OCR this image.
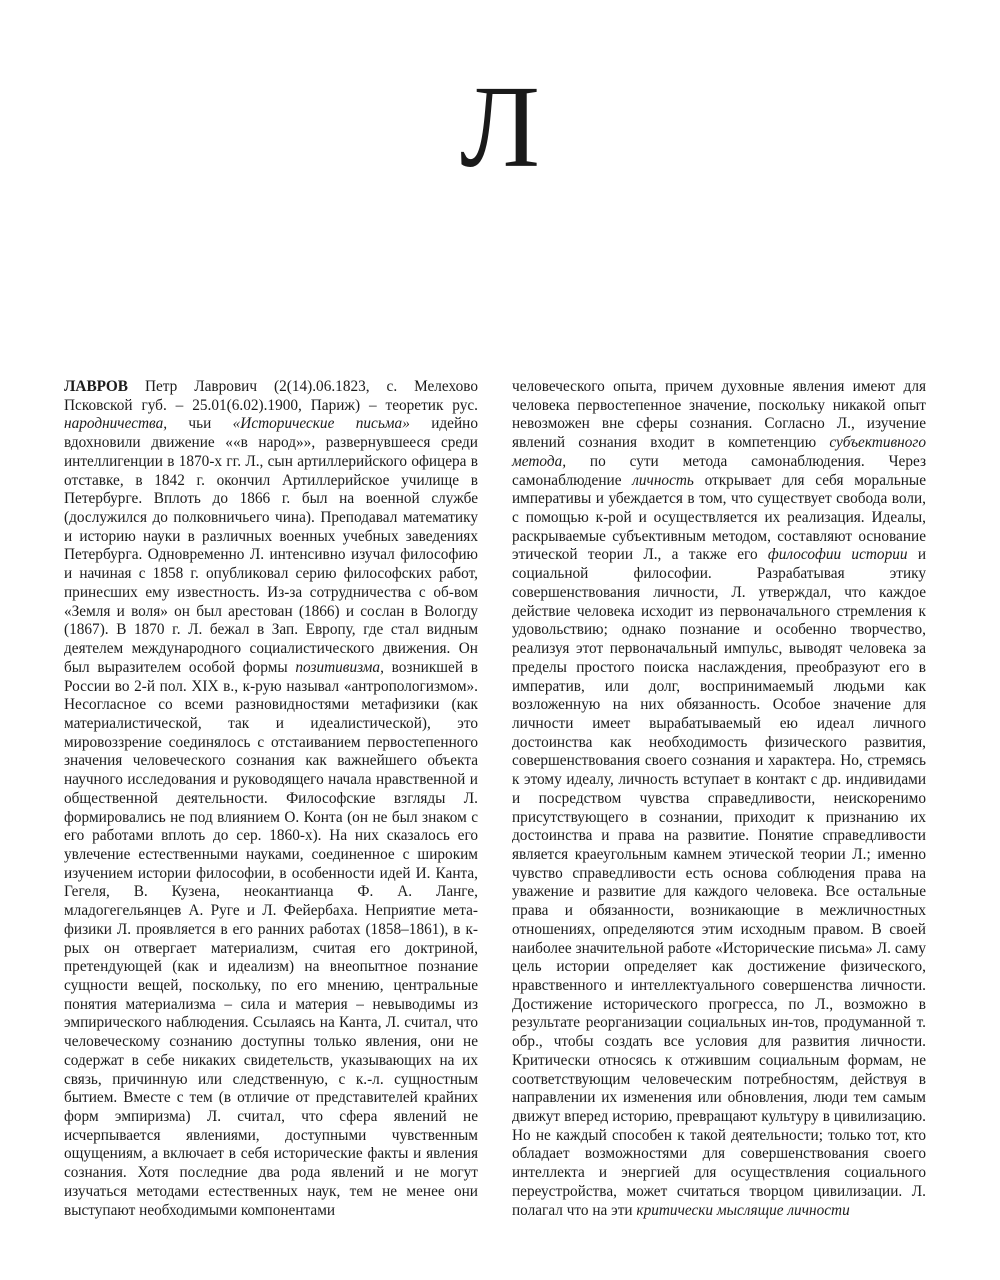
Л

ЛАВРОВ Петр Лаврович (2(14).06.1823, с. Мелехово Псковской губ. – 25.01(6.02).1900, Париж) – теоретик рус. народничества, чьи «Исторические письма» идейно вдохновили движение ««в народ»», развернувшееся среди интеллигенции в 1870-х гг. Л., сын артиллерийского офицера в отставке, в 1842 г. окончил Артиллерийское училище в Петербурге. Вплоть до 1866 г. был на военной службе (дослужился до полковничьего чина). Преподавал математику и историю науки в различных военных учебных заведениях Петербурга. Одновременно Л. интенсивно изучал философию и начиная с 1858 г. опубликовал серию философских работ, принесших ему известность. Из-за сотрудничества с об-вом «Земля и воля» он был арестован (1866) и сослан в Вологду (1867). В 1870 г. Л. бежал в Зап. Европу, где стал видным деятелем международного социалистического движения. Он был выразителем особой формы позитивизма, возникшей в России во 2-й пол. XIX в., к-рую называл «антропологизмом». Несогласное со всеми разновидностями метафизики (как материалистической, так и идеалистической), это мировоззрение соединялось с отстаиванием первостепенного значения человеческого сознания как важнейшего объекта научного исследования и руководящего начала нравственной и общественной деятельности. Философские взгляды Л. формировались не под влиянием О. Конта (он не был знаком с его работами вплоть до сер. 1860-х). На них сказалось его увлечение естественными науками, соединенное с широким изучением истории философии, в особенности идей И. Канта, Гегеля, В. Кузена, неокантианца Ф. А. Ланге, младогегельянцев А. Руге и Л. Фейербаха. Неприятие метафизики Л. проявляется в его ранних работах (1858–1861), в к-рых он отвергает материализм, считая его доктриной, претендующей (как и идеализм) на внеопытное познание сущности вещей, поскольку, по его мнению, центральные понятия материализма – сила и материя – невыводимы из эмпирического наблюдения. Ссылаясь на Канта, Л. считал, что человеческому сознанию доступны только явления, они не содержат в себе никаких свидетельств, указывающих на их связь, причинную или следственную, с к.-л. сущностным бытием. Вместе с тем (в отличие от представителей крайних форм эмпиризма) Л. считал, что сфера явлений не исчерпывается явлениями, доступными чувственным ощущениям, а включает в себя исторические факты и явления сознания. Хотя последние два рода явлений и не могут изучаться методами естественных наук, тем не менее они выступают необходимыми компонентами

человеческого опыта, причем духовные явления имеют для человека первостепенное значение, поскольку никакой опыт невозможен вне сферы сознания. Согласно Л., изучение явлений сознания входит в компетенцию субъективного метода, по сути метода самонаблюдения. Через самонаблюдение личность открывает для себя моральные императивы и убеждается в том, что существует свобода воли, с помощью к-рой и осуществляется их реализация. Идеалы, раскрываемые субъективным методом, составляют основание этической теории Л., а также его философии истории и социальной философии. Разрабатывая этику совершенствования личности, Л. утверждал, что каждое действие человека исходит из первоначального стремления к удовольствию; однако познание и особенно творчество, реализуя этот первоначальный импульс, выводят человека за пределы простого поиска наслаждения, преобразуют его в императив, или долг, воспринимаемый людьми как возложенную на них обязанность. Особое значение для личности имеет вырабатываемый ею идеал личного достоинства как необходимость физического развития, совершенствования своего сознания и характера. Но, стремясь к этому идеалу, личность вступает в контакт с др. индивидами и посредством чувства справедливости, неискоренимо присутствующего в сознании, приходит к признанию их достоинства и права на развитие. Понятие справедливости является краеугольным камнем этической теории Л.; именно чувство справедливости есть основа соблюдения права на уважение и развитие для каждого человека. Все остальные права и обязанности, возникающие в межличностных отношениях, определяются этим исходным правом. В своей наиболее значительной работе «Исторические письма» Л. саму цель истории определяет как достижение физического, нравственного и интеллектуального совершенства личности. Достижение исторического прогресса, по Л., возможно в результате реорганизации социальных ин-тов, продуманной т. обр., чтобы создать все условия для развития личности. Критически относясь к отжившим социальным формам, не соответствующим человеческим потребностям, действуя в направлении их изменения или обновления, люди тем самым движут вперед историю, превращают культуру в цивилизацию. Но не каждый способен к такой деятельности; только тот, кто обладает возможностями для совершенствования своего интеллекта и энергией для осуществления социального переустройства, может считаться творцом цивилизации. Л. полагал что на эти критически мыслящие личности
